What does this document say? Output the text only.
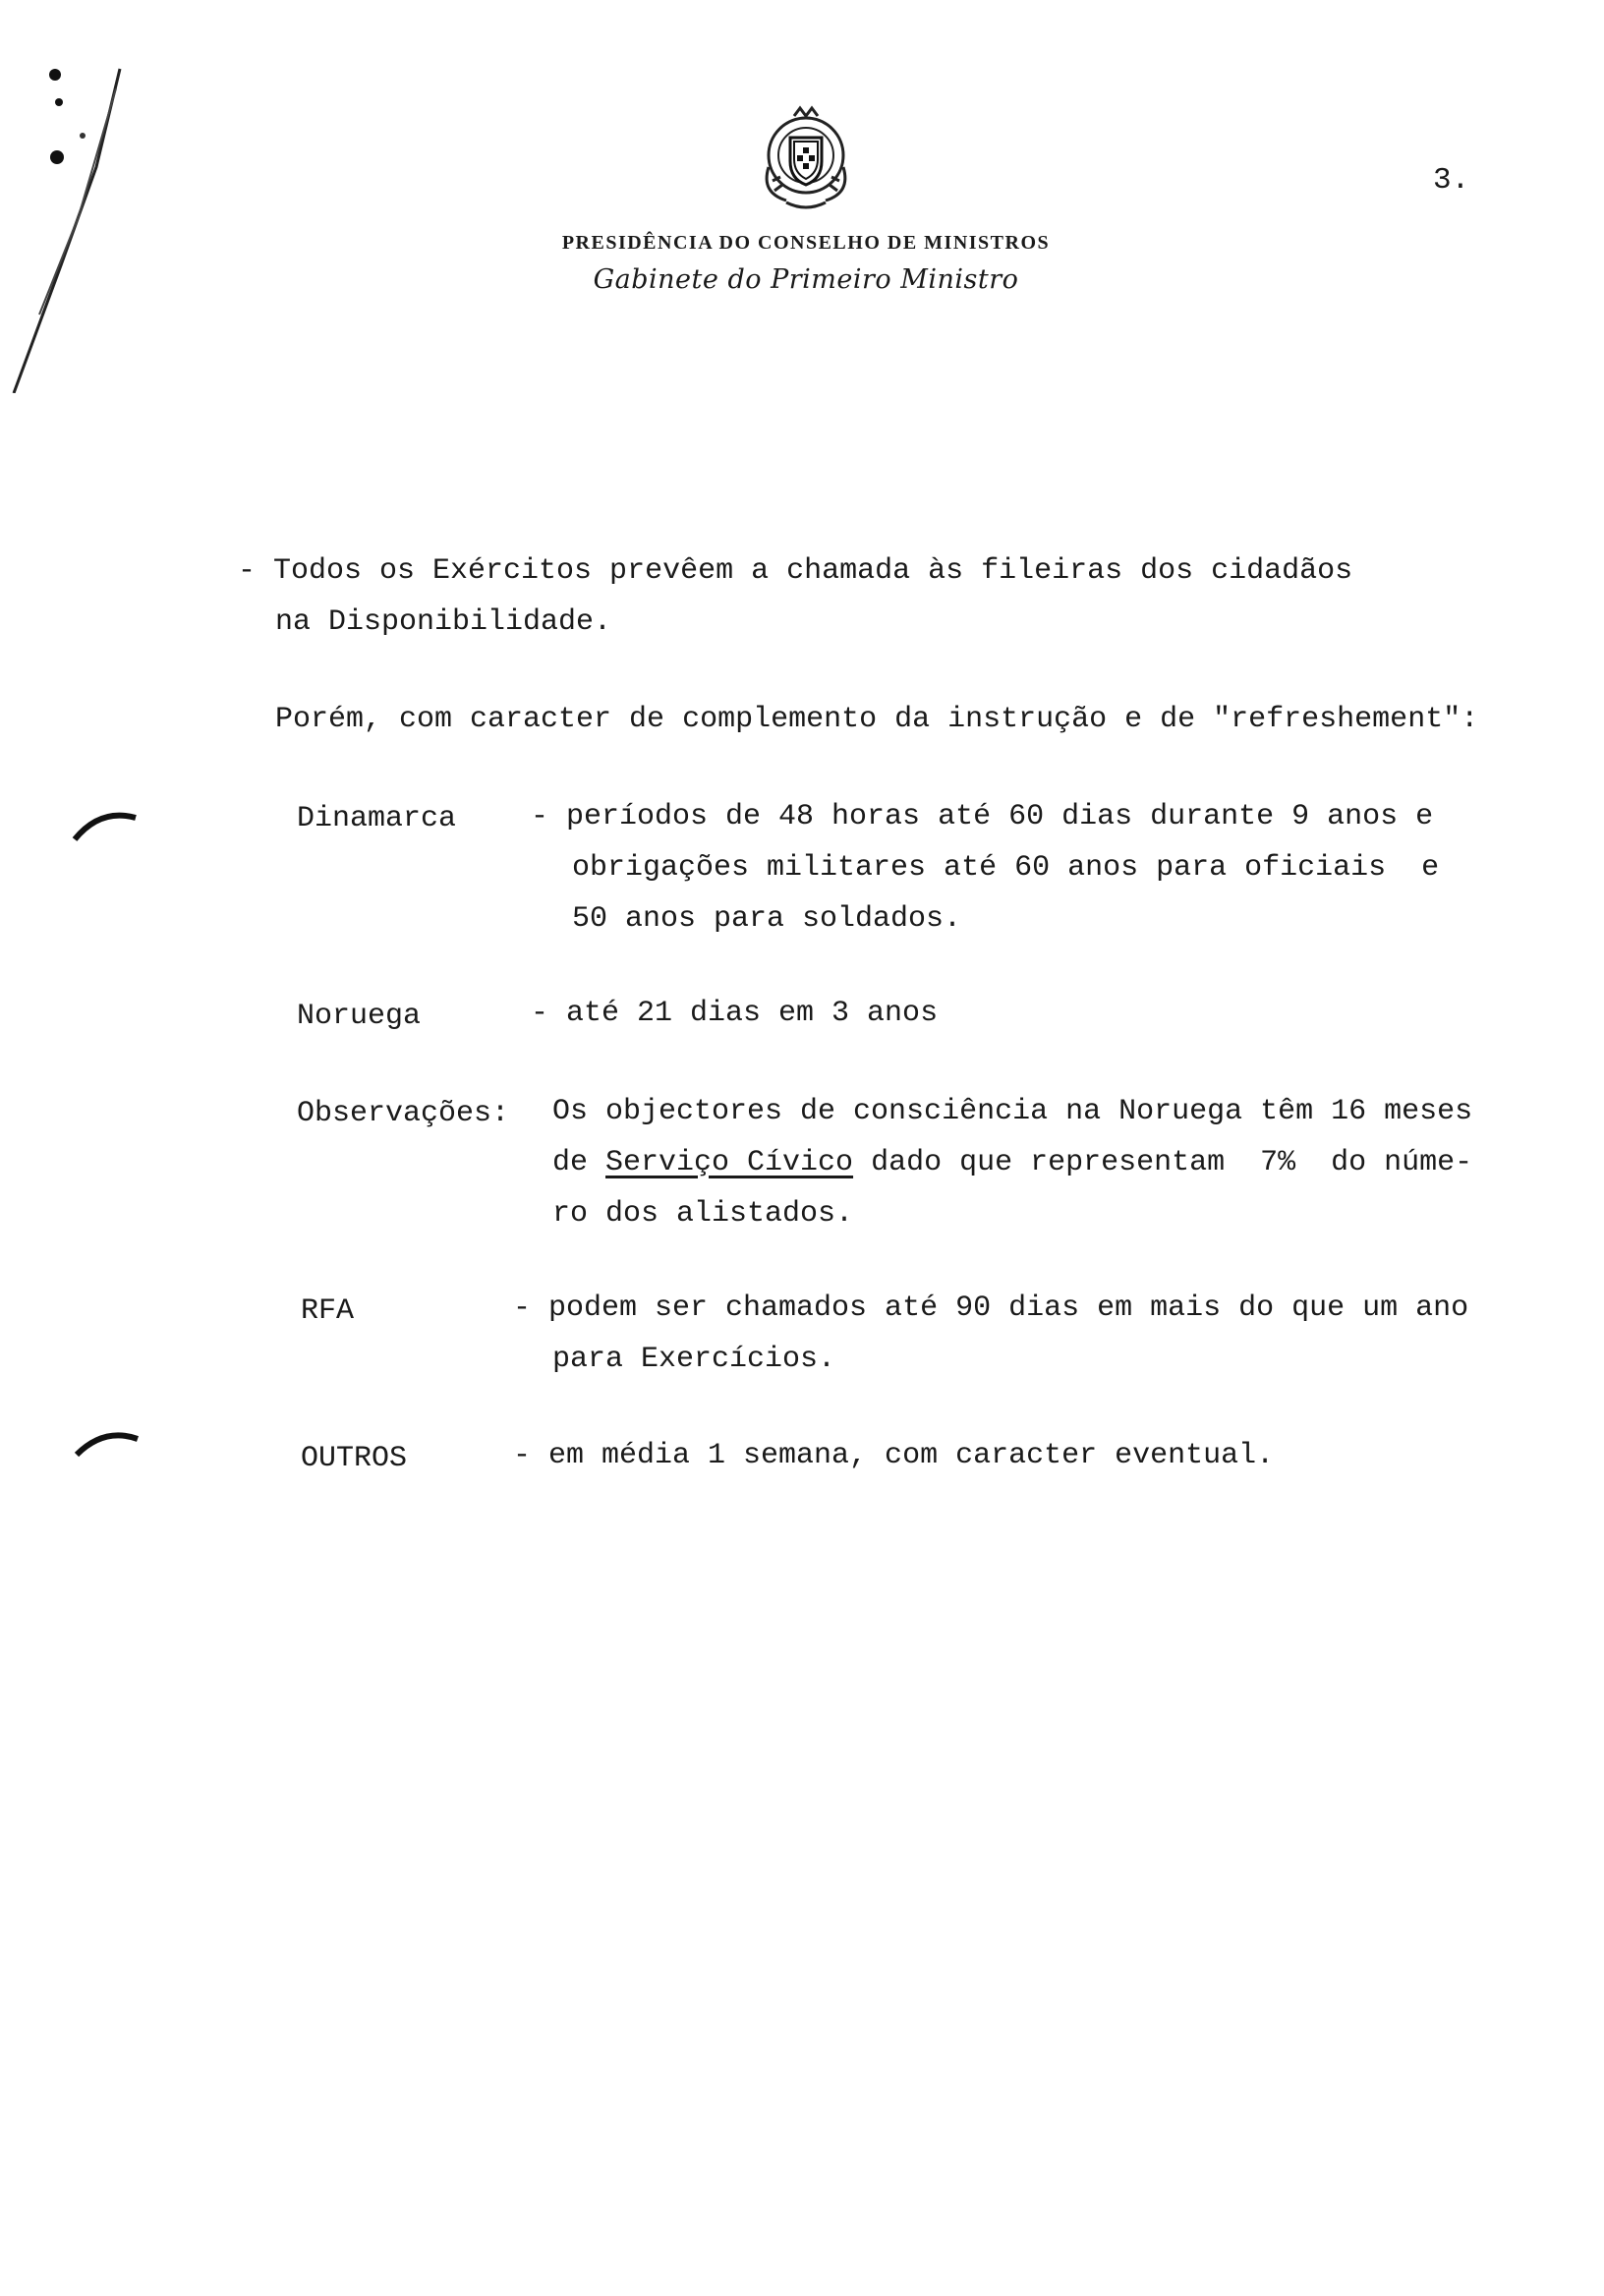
3.
PRESIDÊNCIA DO CONSELHO DE MINISTROS
Gabinete do Primeiro Ministro
- Todos os Exércitos prevêem a chamada às fileiras dos cidadãos
na Disponibilidade.
Porém, com caracter de complemento da instrução e de "refreshement":
Dinamarca	- períodos de 48 horas até 60 dias durante 9 anos e
obrigações militares até 60 anos para oficiais  e
50 anos para soldados.
Noruega	- até 21 dias em 3 anos
Observações: Os objectores de consciência na Noruega têm 16 meses
de Serviço Cívico dado que representam  7%  do núme-
ro dos alistados.
RFA	- podem ser chamados até 90 dias em mais do que um ano
para Exercícios.
OUTROS	- em média 1 semana, com caracter eventual.
